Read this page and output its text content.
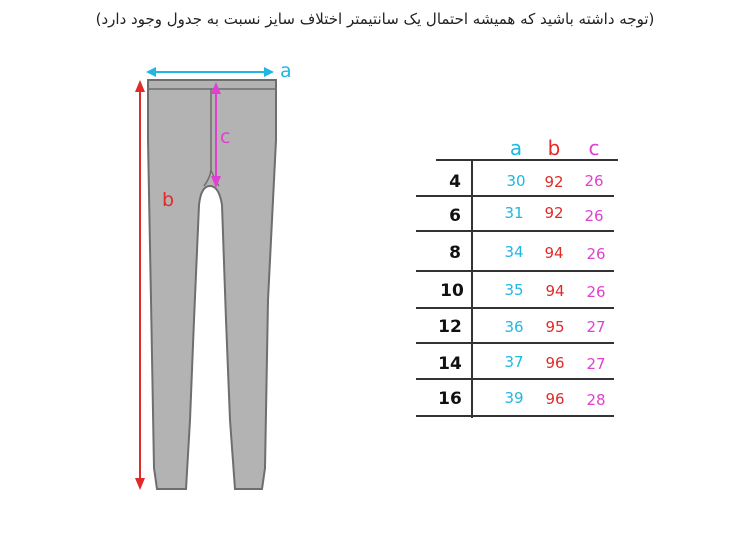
(توجه داشته باشید که همیشه احتمال یک سانتیمتر اختلاف سایز نسبت به جدول وجود دارد)
a
b
c	a b c
4	30 92 26
6	31 92 26
8	34 94 26
10	35 94 26
12	36 95 27
14	37 96 27
16	39 96 28
